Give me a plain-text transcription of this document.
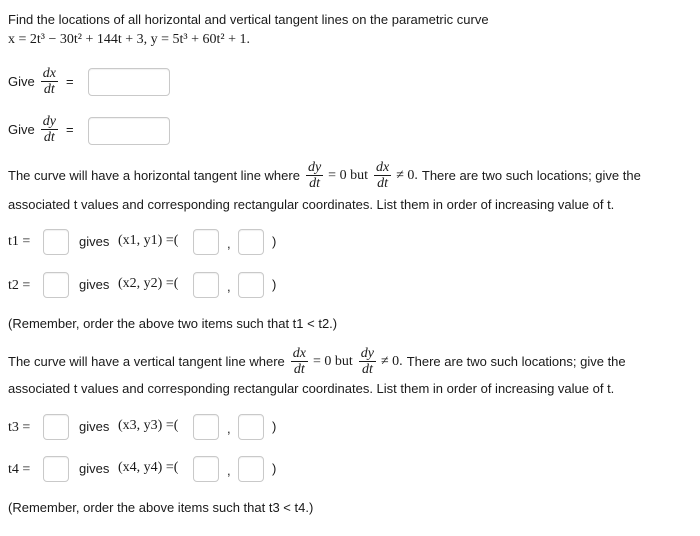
Find the locations of all horizontal and vertical tangent lines on the parametric curve
x = 2t³ − 30t² + 144t + 3, y = 5t³ + 60t² + 1.
Give $\frac{dx}{dt}$ =
Give $\frac{dy}{dt}$ =
The curve will have a horizontal tangent line where $\frac{dy}{dt} = 0$ but $\frac{dx}{dt} \ne 0$. There are two such locations; give the
associated t values and corresponding rectangular coordinates. List them in order of increasing value of t.
t1 =	gives (x1, y1) =(	,	)
t2 =	gives (x2, y2) =(	,	)
(Remember, order the above two items such that t1 < t2.)
The curve will have a vertical tangent line where $\frac{dx}{dt} = 0$ but $\frac{dy}{dt} \ne 0$. There are two such locations; give the
associated t values and corresponding rectangular coordinates. List them in order of increasing value of t.
t3 =	gives (x3, y3) =(	,	)
t4 =	gives (x4, y4) =(	,	)
(Remember, order the above items such that t3 < t4.)
